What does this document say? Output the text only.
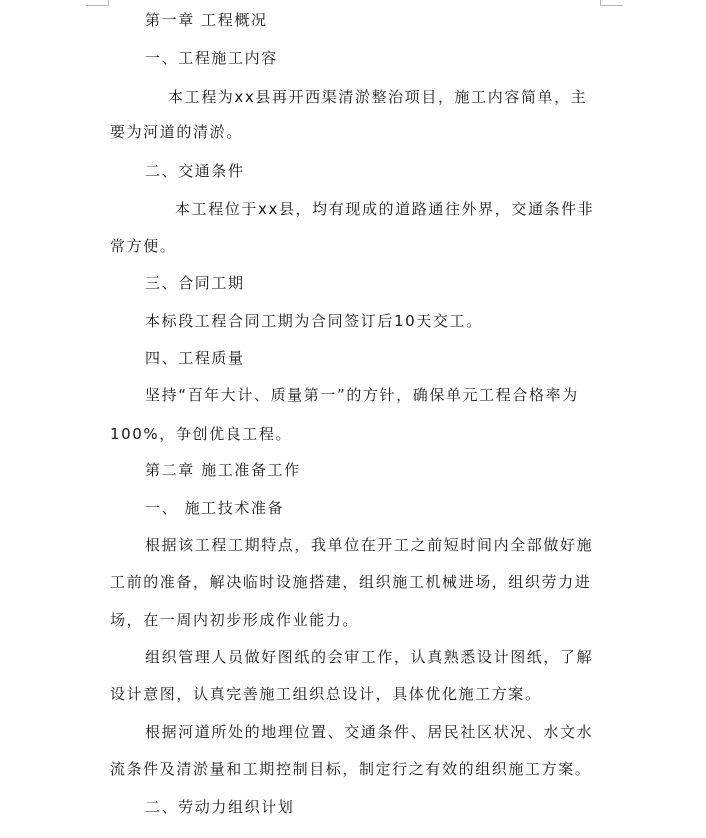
第一章 工程概况
一、工程施工内容
本工程为xx县再开西渠清淤整治项目，施工内容简单，主
要为河道的清淤。
二、交通条件
本工程位于xx县，均有现成的道路通往外界，交通条件非
常方便。
三、合同工期
本标段工程合同工期为合同签订后10天交工。
四、工程质量
坚持“百年大计、质量第一”的方针，确保单元工程合格率为
100%，争创优良工程。
第二章 施工准备工作
一、 施工技术准备
根据该工程工期特点，我单位在开工之前短时间内全部做好施
工前的准备，解决临时设施搭建，组织施工机械进场，组织劳力进
场，在一周内初步形成作业能力。
组织管理人员做好图纸的会审工作，认真熟悉设计图纸，了解
设计意图，认真完善施工组织总设计，具体优化施工方案。
根据河道所处的地理位置、交通条件、居民社区状况、水文水
流条件及清淤量和工期控制目标，制定行之有效的组织施工方案。
二、劳动力组织计划
